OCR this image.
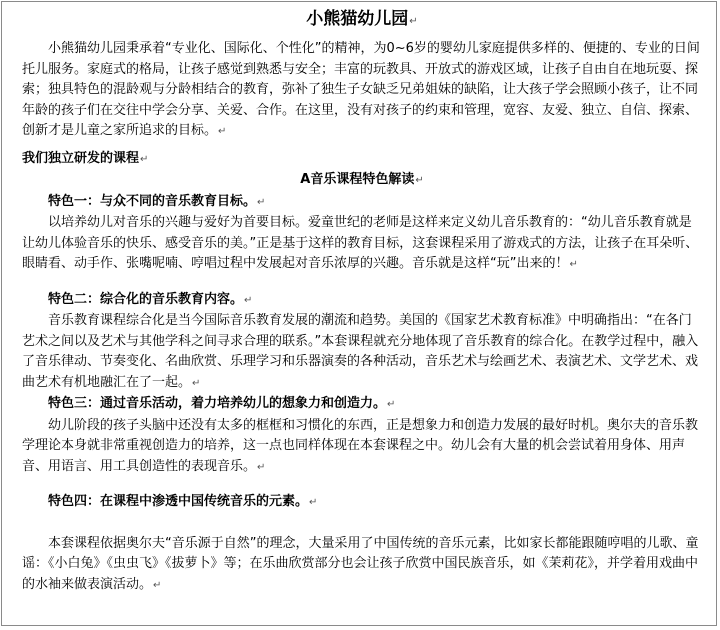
小熊猫幼儿园↵

小熊猫幼儿园秉承着“专业化、国际化、个性化”的精神，为0~6岁的婴幼儿家庭提供多样的、便捷的、专业的日间托儿服务。家庭式的格局，让孩子感觉到熟悉与安全；丰富的玩教具、开放式的游戏区域，让孩子自由自在地玩耍、探索；独具特色的混龄观与分龄相结合的教育，弥补了独生子女缺乏兄弟姐妹的缺陷，让大孩子学会照顾小孩子，让不同年龄的孩子们在交往中学会分享、关爱、合作。在这里，没有对孩子的约束和管理，宽容、友爱、独立、自信、探索、创新才是儿童之家所追求的目标。↵

我们独立研发的课程↵

A音乐课程特色解读↵

特色一：与众不同的音乐教育目标。↵

以培养幼儿对音乐的兴趣与爱好为首要目标。爱童世纪的老师是这样来定义幼儿音乐教育的：“幼儿音乐教育就是让幼儿体验音乐的快乐、感受音乐的美。”正是基于这样的教育目标，这套课程采用了游戏式的方法，让孩子在耳朵听、眼睛看、动手作、张嘴呢喃、哼唱过程中发展起对音乐浓厚的兴趣。音乐就是这样“玩”出来的！↵

特色二：综合化的音乐教育内容。↵

音乐教育课程综合化是当今国际音乐教育发展的潮流和趋势。美国的《国家艺术教育标准》中明确指出：“在各门艺术之间以及艺术与其他学科之间寻求合理的联系。”本套课程就充分地体现了音乐教育的综合化。在教学过程中，融入了音乐律动、节奏变化、名曲欣赏、乐理学习和乐器演奏的各种活动，音乐艺术与绘画艺术、表演艺术、文学艺术、戏曲艺术有机地融汇在了一起。↵

特色三：通过音乐活动，着力培养幼儿的想象力和创造力。↵

幼儿阶段的孩子头脑中还没有太多的框框和习惯化的东西，正是想象力和创造力发展的最好时机。奥尔夫的音乐教学理论本身就非常重视创造力的培养，这一点也同样体现在本套课程之中。幼儿会有大量的机会尝试着用身体、用声音、用语言、用工具创造性的表现音乐。↵

特色四：在课程中渗透中国传统音乐的元素。↵

本套课程依据奥尔夫“音乐源于自然”的理念，大量采用了中国传统的音乐元素，比如家长都能跟随哼唱的儿歌、童谣：《小白兔》《虫虫飞》《拔萝卜》等；在乐曲欣赏部分也会让孩子欣赏中国民族音乐，如《茉莉花》，并学着用戏曲中的水袖来做表演活动。↵
